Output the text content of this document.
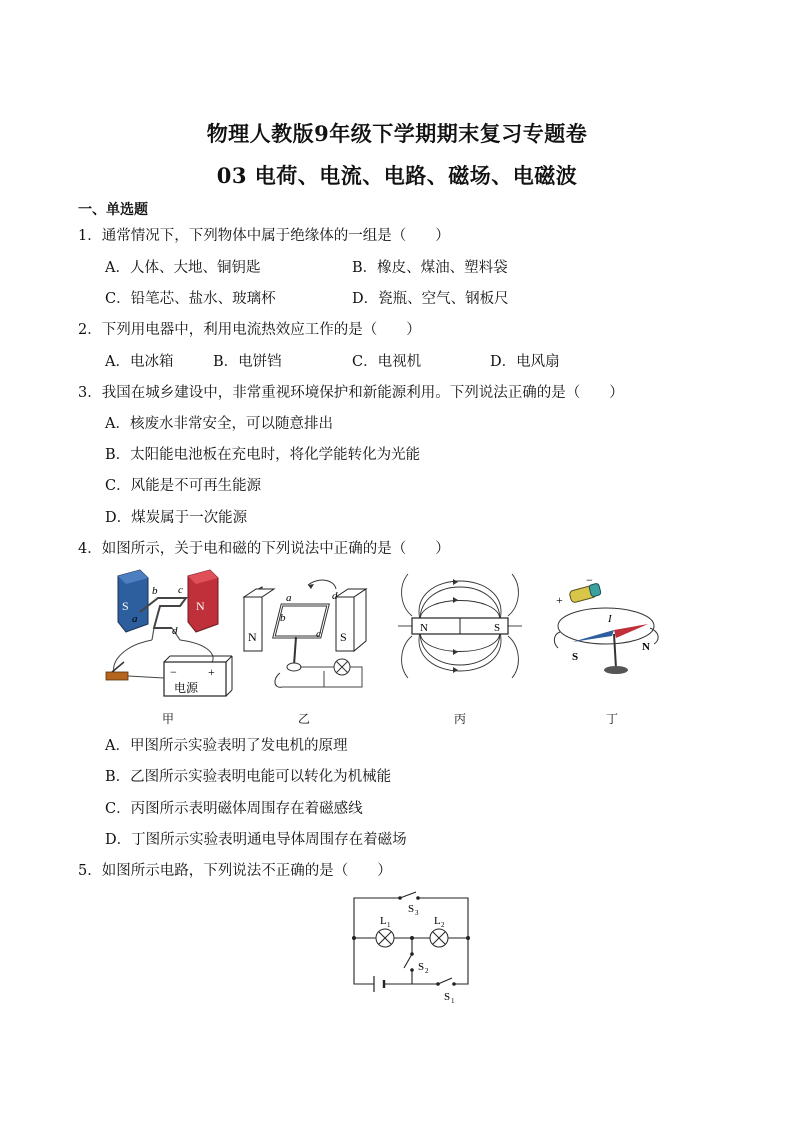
物理人教版9年级下学期期末复习专题卷
03 电荷、电流、电路、磁场、电磁波
一、单选题
1．通常情况下，下列物体中属于绝缘体的一组是（　　）
A．人体、大地、铜钥匙	B．橡皮、煤油、塑料袋
C．铅笔芯、盐水、玻璃杯	D．瓷瓶、空气、钢板尺
2．下列用电器中，利用电流热效应工作的是（　　）
A．电冰箱	B．电饼铛	C．电视机	D．电风扇
3．我国在城乡建设中，非常重视环境保护和新能源利用。下列说法正确的是（　　）
A．核废水非常安全，可以随意排出
B．太阳能电池板在充电时，将化学能转化为光能
C．风能是不可再生能源
D．煤炭属于一次能源
4．如图所示，关于电和磁的下列说法中正确的是（　　）
S	N
a
b c
d
−	+
电源
N	S
a
b
c
d
N	S
−
+
I
S
N
甲	乙	丙	丁
A．甲图所示实验表明了发电机的原理
B．乙图所示实验表明电能可以转化为机械能
C．丙图所示表明磁体周围存在着磁感线
D．丁图所示实验表明通电导体周围存在着磁场
5．如图所示电路，下列说法不正确的是（　　）
L 1	L 2
S 3
S 2
S 1
